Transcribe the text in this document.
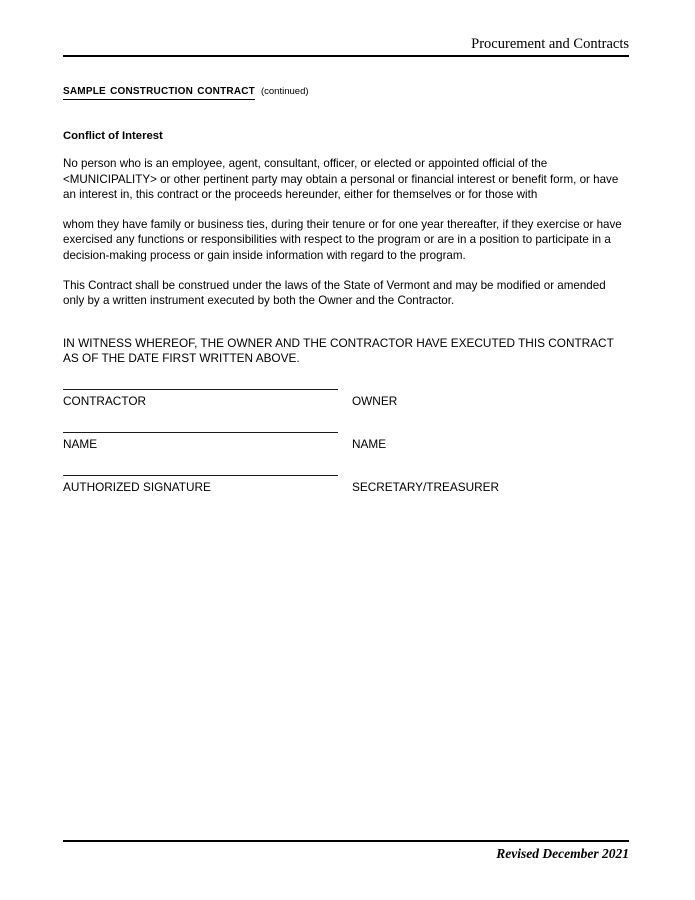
Procurement and Contracts
sample construction contract (continued)
Conflict of Interest

No person who is an employee, agent, consultant, officer, or elected or appointed official of the <MUNICIPALITY> or other pertinent party may obtain a personal or financial interest or benefit form, or have an interest in, this contract or the proceeds hereunder, either for themselves or for those with

whom they have family or business ties, during their tenure or for one year thereafter, if they exercise or have exercised any functions or responsibilities with respect to the program or are in a position to participate in a decision-making process or gain inside information with regard to the program.

This Contract shall be construed under the laws of the State of Vermont and may be modified or amended only by a written instrument executed by both the Owner and the Contractor.

IN WITNESS WHEREOF, THE OWNER AND THE CONTRACTOR HAVE EXECUTED THIS CONTRACT AS OF THE DATE FIRST WRITTEN ABOVE.

CONTRACTOR	OWNER
NAME	NAME
AUTHORIZED SIGNATURE	SECRETARY/TREASURER
Revised December 2021
